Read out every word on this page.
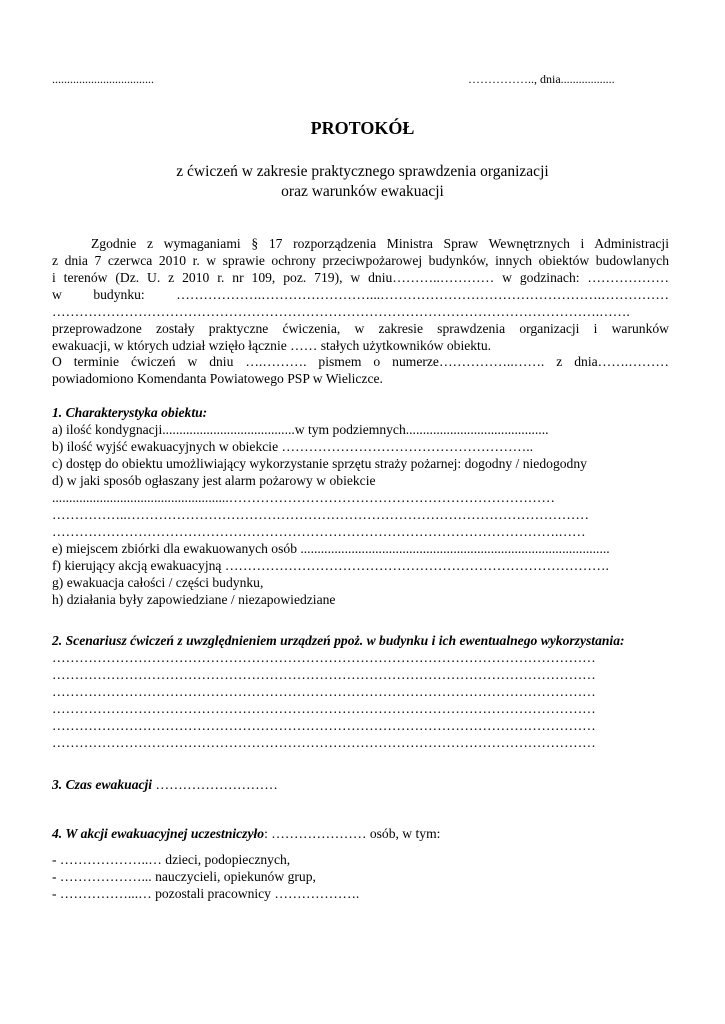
..................................	…………….., dnia..................
PROTOKÓŁ
z ćwiczeń w zakresie praktycznego sprawdzenia organizacji
oraz warunków ewakuacji
Zgodnie z wymaganiami § 17 rozporządzenia Ministra Spraw Wewnętrznych i Administracji
z dnia 7 czerwca 2010 r. w sprawie ochrony przeciwpożarowej budynków, innych obiektów budowlanych
i terenów (Dz. U. z 2010 r. nr 109, poz. 719), w dniu………..………… w godzinach: ………………
w budynku: ……………….……………………...………………………………………….……………
………………………………………………………………………………………………………….…….
przeprowadzone zostały praktyczne ćwiczenia, w zakresie sprawdzenia organizacji i warunków
ewakuacji, w których udział wzięło łącznie …… stałych użytkowników obiektu.
O terminie ćwiczeń w dniu ….………. pismem o numerze……………..……. z dnia…….………
powiadomiono Komendanta Powiatowego PSP w Wieliczce.
1. Charakterystyka obiektu:
a) ilość kondygnacji.......................................w tym podziemnych..........................................
b) ilość wyjść ewakuacyjnych w obiekcie ………………………………………………..
c) dostęp do obiektu umożliwiający wykorzystanie sprzętu straży pożarnej: dogodny / niedogodny
d) w jaki sposób ogłaszany jest alarm pożarowy w obiekcie
....................................................………………………………………………………………
……………..…………………………………………………………………………………………
………………………………………………………………………………………………….……
e) miejscem zbiórki dla ewakuowanych osób ...........................................................................................
f) kierujący akcją ewakuacyjną ………………………………………………………………………….
g) ewakuacja całości / części budynku,
h) działania były zapowiedziane / niezapowiedziane
2. Scenariusz ćwiczeń z uwzględnieniem urządzeń ppoż. w budynku i ich ewentualnego wykorzystania:
…………………………………………………………………………………………………………
…………………………………………………………………………………………………………
…………………………………………………………………………………………………………
…………………………………………………………………………………………………………
…………………………………………………………………………………………………………
…………………………………………………………………………………………………………
3. Czas ewakuacji ………………………
4. W akcji ewakuacyjnej uczestniczyło: ………………… osób, w tym:
- ………………..… dzieci, podopiecznych,
- ………………... nauczycieli, opiekunów grup,
- ……………...… pozostali pracownicy ……………….
